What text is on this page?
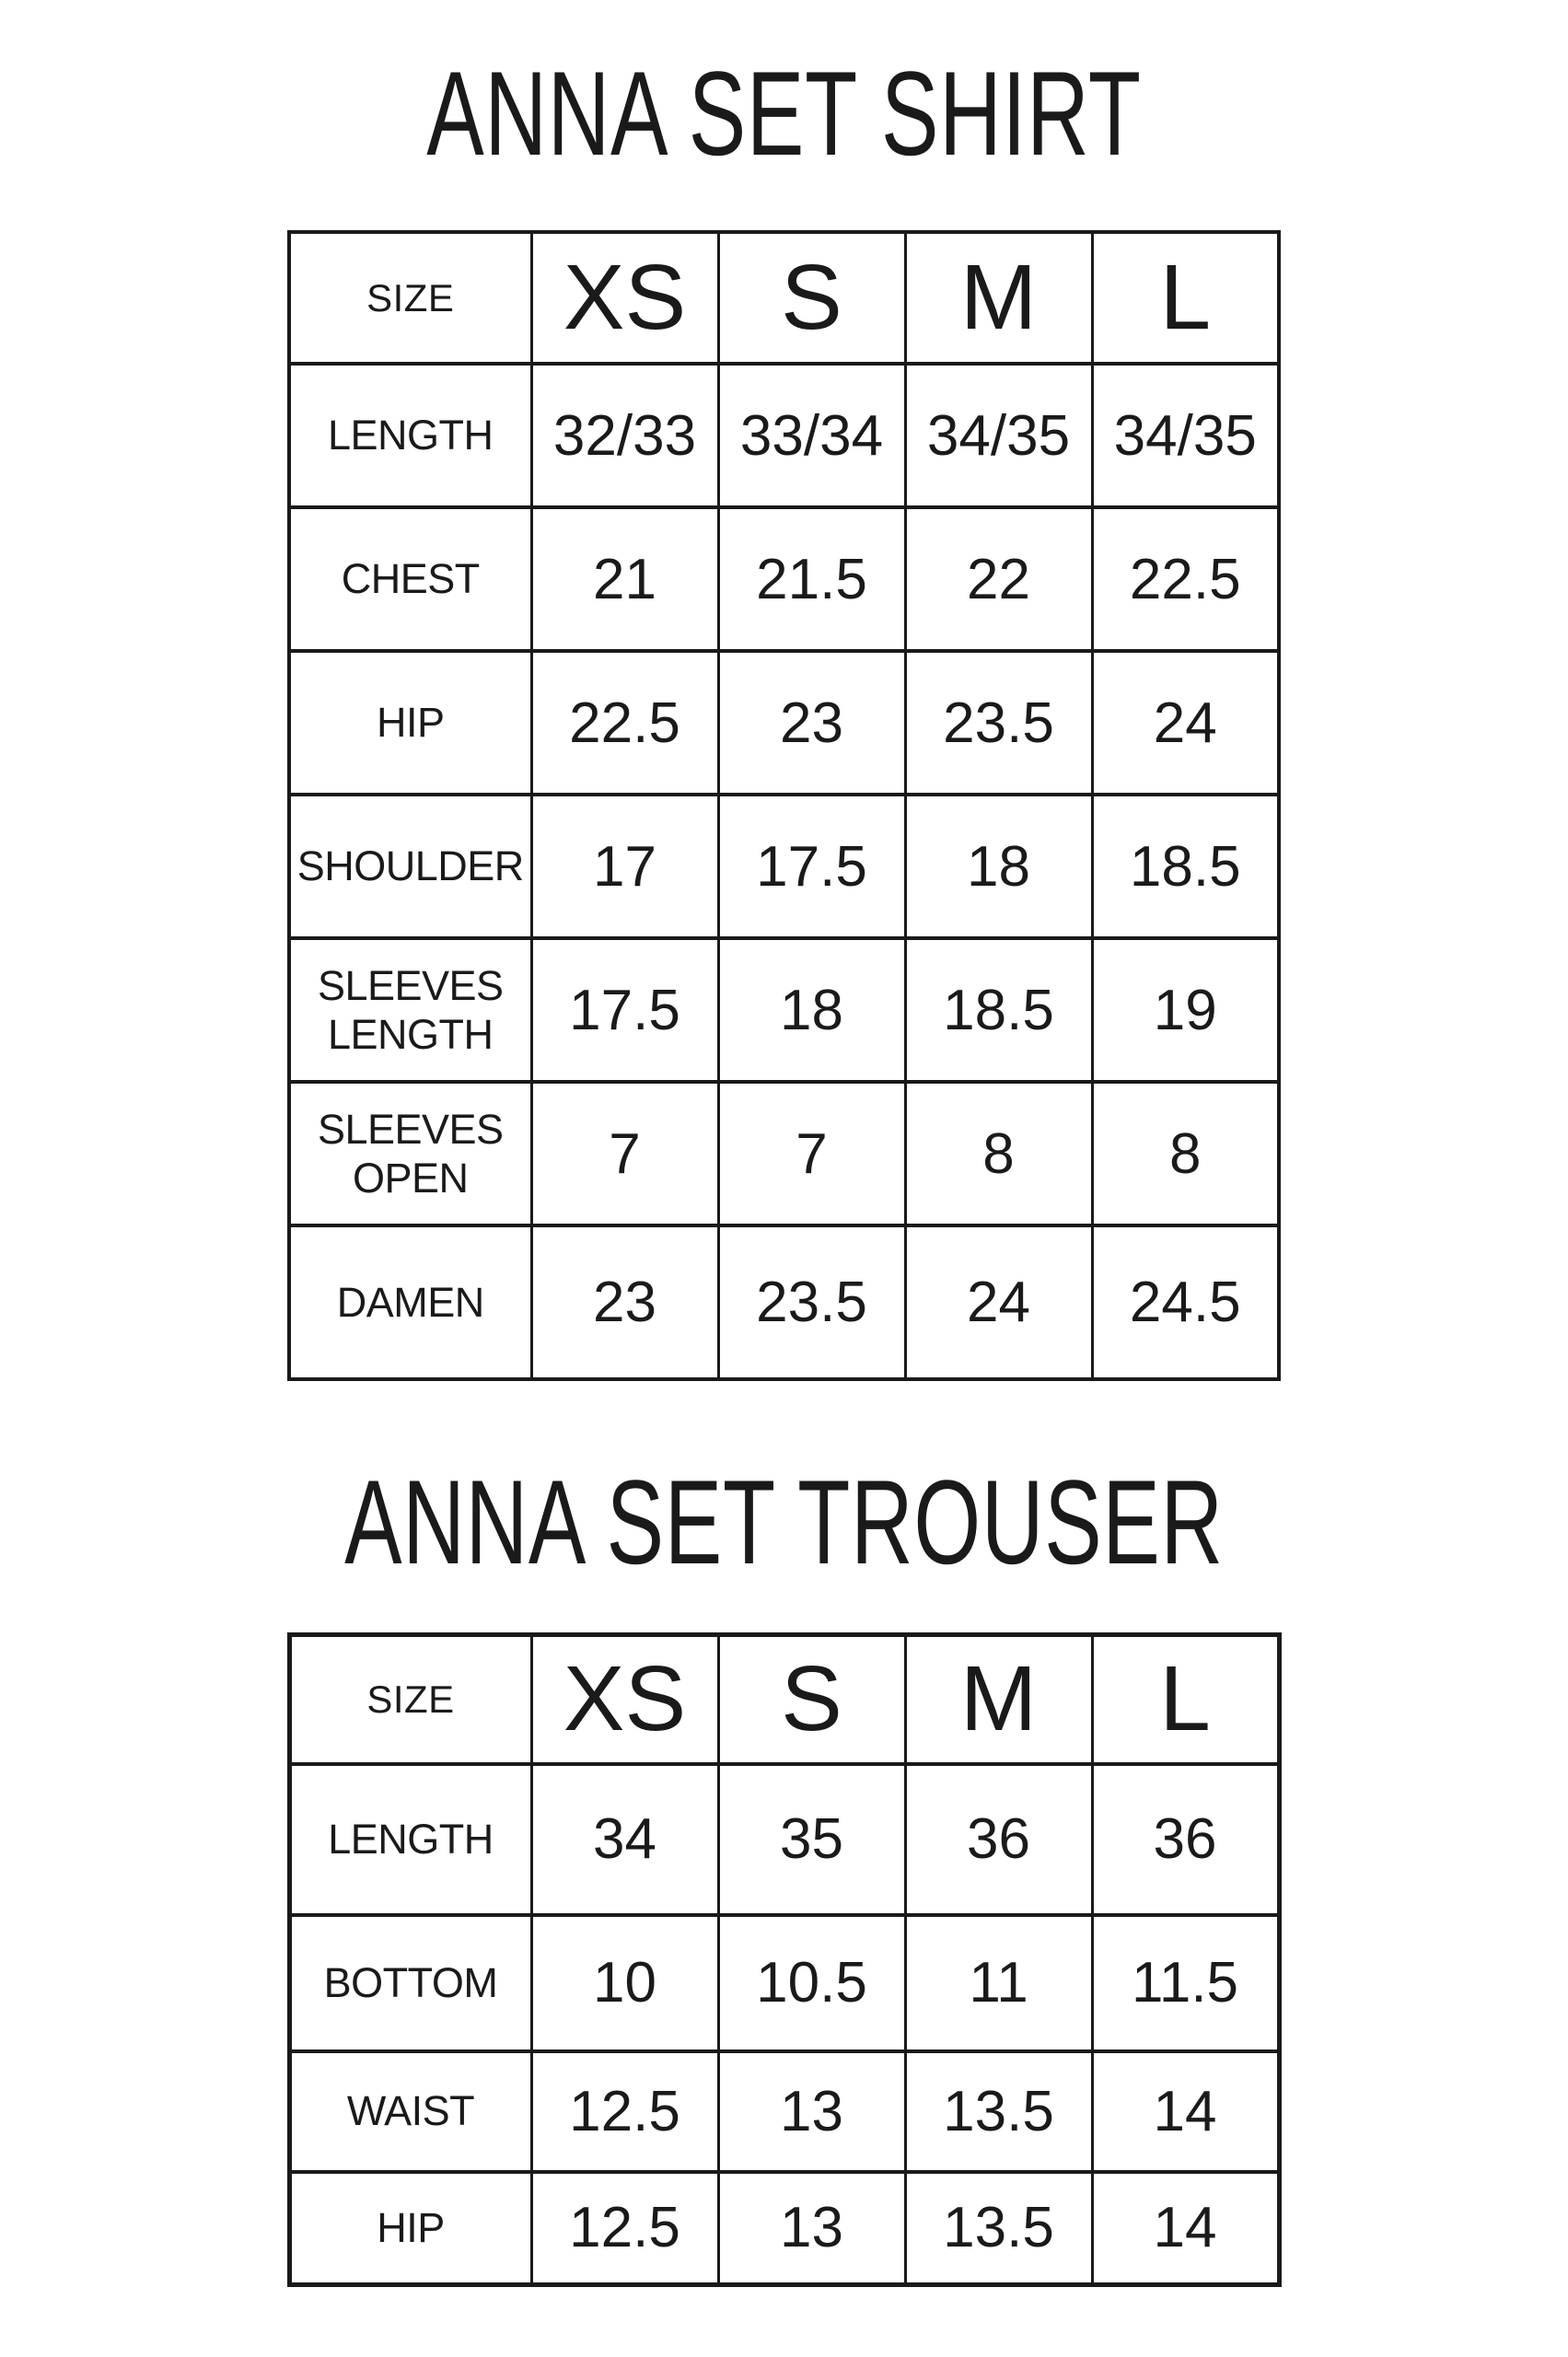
ANNA SET SHIRT
SIZE	XS	S	M	L
LENGTH	32/33	33/34	34/35	34/35
CHEST	21	21.5	22	22.5
HIP	22.5	23	23.5	24
SHOULDER	17	17.5	18	18.5
SLEEVES LENGTH	17.5	18	18.5	19
SLEEVES OPEN	7	7	8	8
DAMEN	23	23.5	24	24.5
ANNA SET TROUSER
SIZE	XS	S	M	L
LENGTH	34	35	36	36
BOTTOM	10	10.5	11	11.5
WAIST	12.5	13	13.5	14
HIP	12.5	13	13.5	14
